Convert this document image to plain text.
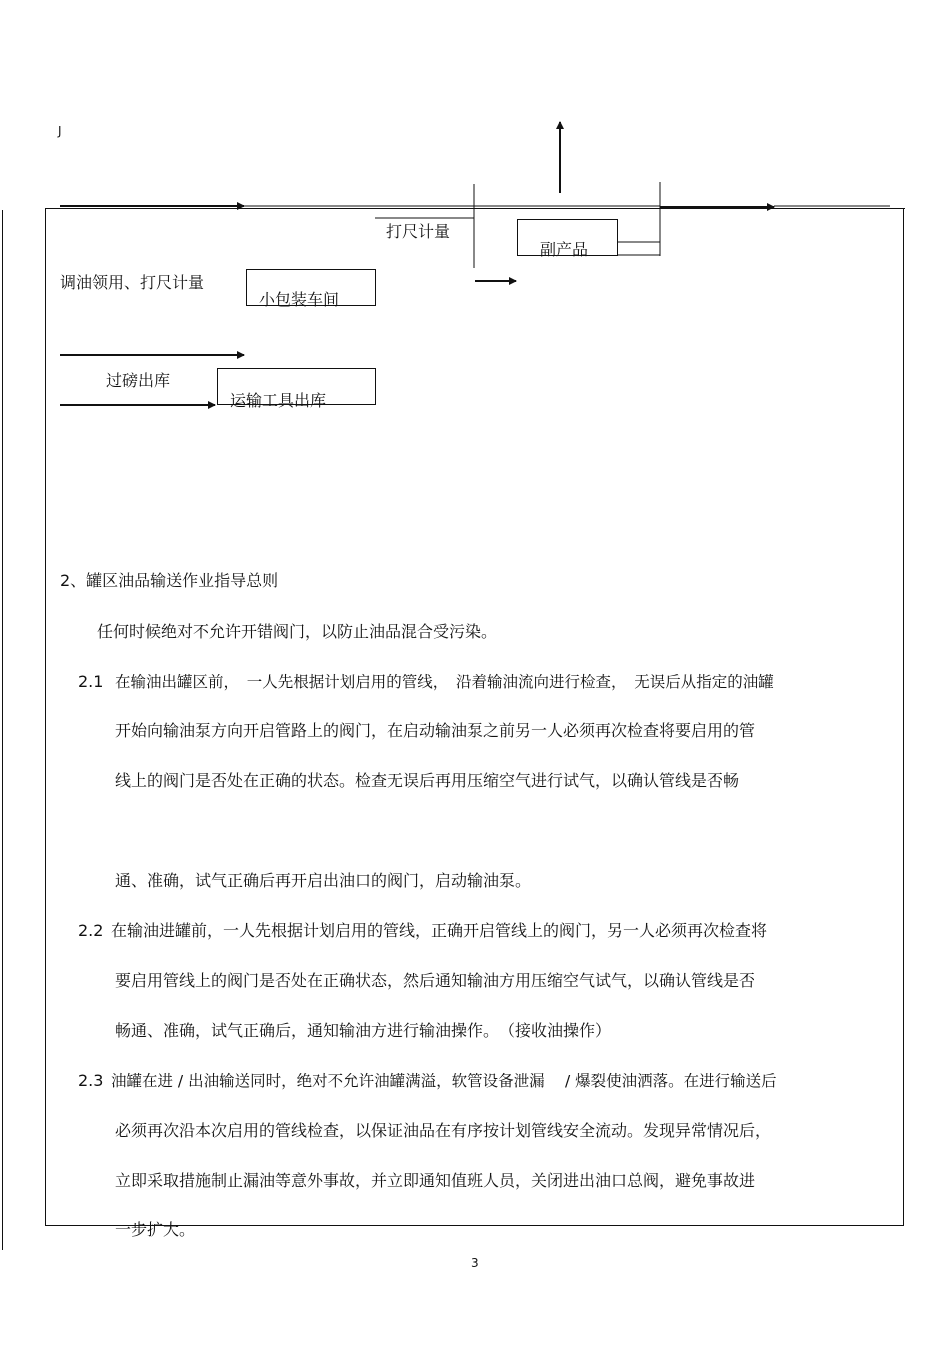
J
打尺计量
副产品
调油领用、打尺计量
小包装车间
过磅出库
运输工具出库
2、罐区油品输送作业指导总则
任何时候绝对不允许开错阀门，以防止油品混合受污染。
2.1 在输油出罐区前，　一人先根据计划启用的管线，　沿着输油流向进行检查，　无误后从指定的油罐
开始向输油泵方向开启管路上的阀门，在启动输油泵之前另一人必须再次检查将要启用的管
线上的阀门是否处在正确的状态。检查无误后再用压缩空气进行试气，以确认管线是否畅
通、准确，试气正确后再开启出油口的阀门，启动输油泵。
2.2 在输油进罐前，一人先根据计划启用的管线，正确开启管线上的阀门，另一人必须再次检查将
要启用管线上的阀门是否处在正确状态，然后通知输油方用压缩空气试气，以确认管线是否
畅通、准确，试气正确后，通知输油方进行输油操作。　（接收油操作）
2.3 油罐在进 / 出油输送同时，绝对不允许油罐满溢，软管设备泄漏　 / 爆裂使油洒落。在进行输送后
必须再次沿本次启用的管线检查，以保证油品在有序按计划管线安全流动。发现异常情况后，
立即采取措施制止漏油等意外事故，并立即通知值班人员，关闭进出油口总阀，避免事故进
一步扩大。
3
